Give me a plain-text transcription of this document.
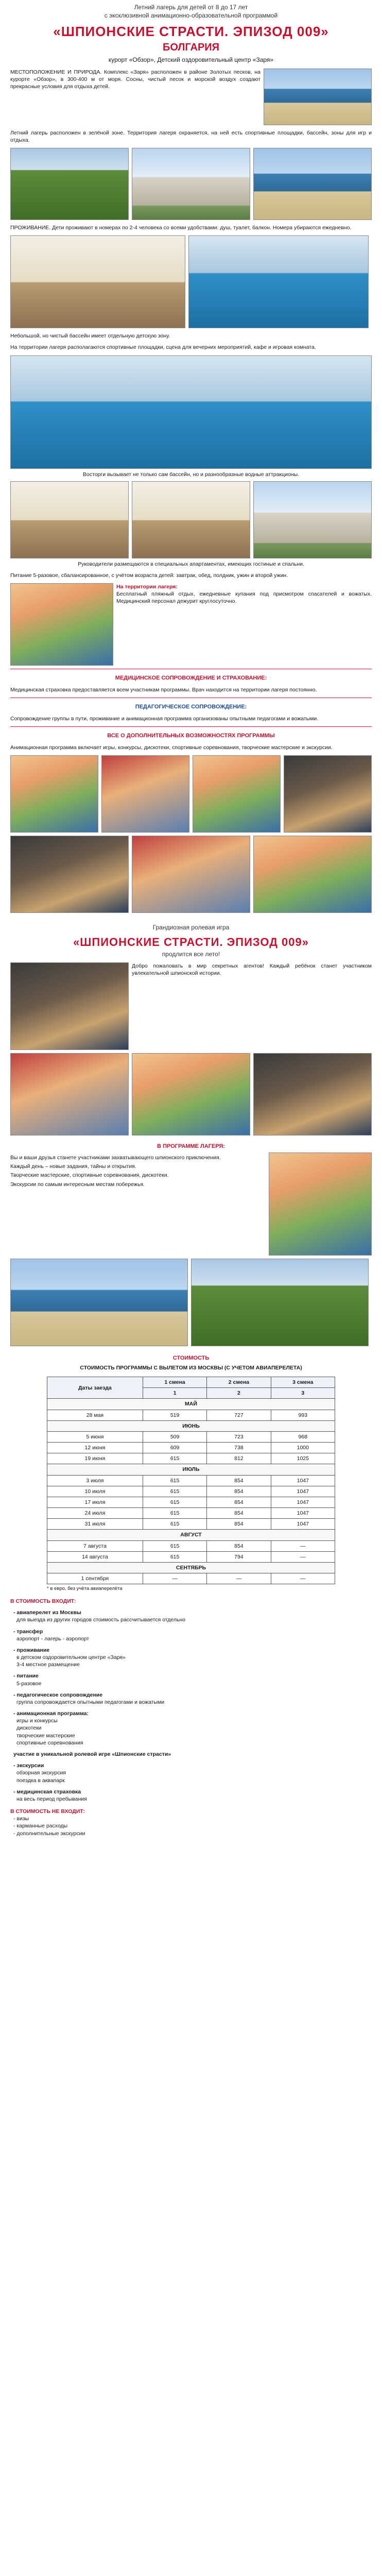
Летний лагерь для детей от 8 до 17 лет
с эксклюзивной анимационно-образовательной программой
«ШПИОНСКИЕ СТРАСТИ. ЭПИЗОД 009»
БОЛГАРИЯ
курорт «Обзор», Детский оздоровительный центр «Заря»
МЕСТОПОЛОЖЕНИЕ И ПРИРОДА. Комплекс «Заря» расположен в районе Золотых песков, на курорте «Обзор», в 300-400 м от моря. Сосны, чистый песок и морской воздух создают прекрасные условия для отдыха детей.
Летний лагерь расположен в зелёной зоне. Территория лагеря охраняется, на ней есть спортивные площадки, бассейн, зоны для игр и отдыха.
ПРОЖИВАНИЕ. Дети проживают в номерах по 2-4 человека со всеми удобствами: душ, туалет, балкон. Номера убираются ежедневно.
Небольшой, но чистый бассейн имеет отдельную детскую зону.
На территории лагеря располагаются спортивные площадки, сцена для вечерних мероприятий, кафе и игровая комната.
Восторги вызывает не только сам бассейн, но и разнообразные водные аттракционы.
Руководители размещаются в специальных апартаментах, имеющих гостиные и спальни.
Питание 5-разовое, сбалансированное, с учётом возраста детей: завтрак, обед, полдник, ужин и второй ужин.
На территории лагеря:
Бесплатный пляжный отдых, ежедневные купания под присмотром спасателей и вожатых. Медицинский персонал дежурит круглосуточно.
МЕДИЦИНСКОЕ СОПРОВОЖДЕНИЕ И СТРАХОВАНИЕ:
Медицинская страховка предоставляется всем участникам программы. Врач находится на территории лагеря постоянно.
ПЕДАГОГИЧЕСКОЕ СОПРОВОЖДЕНИЕ:
Сопровождение группы в пути, проживание и анимационная программа организованы опытными педагогами и вожатыми.
ВСЕ О ДОПОЛНИТЕЛЬНЫХ ВОЗМОЖНОСТЯХ ПРОГРАММЫ
Анимационная программа включает игры, конкурсы, дискотеки, спортивные соревнования, творческие мастерские и экскурсии.
Грандиозная ролевая игра
«ШПИОНСКИЕ СТРАСТИ. ЭПИЗОД 009»
продлится все лето!
Добро пожаловать в мир секретных агентов! Каждый ребёнок станет участником увлекательной шпионской истории.
В ПРОГРАММЕ ЛАГЕРЯ:
Вы и ваши друзья станете участниками захватывающего шпионского приключения.
Каждый день – новые задания, тайны и открытия.
Творческие мастерские, спортивные соревнования, дискотеки.
Экскурсии по самым интересным местам побережья.
СТОИМОСТЬ
СТОИМОСТЬ ПРОГРАММЫ С ВЫЛЕТОМ ИЗ МОСКВЫ (С УЧЕТОМ АВИАПЕРЕЛЕТА)
Даты заезда	1 смена	2 смена	3 смена
	1	2	3
МАЙ			
28 мая	519	727	993
ИЮНЬ			
5 июня	509	723	968
12 июня	609	738	1000
19 июня	615	812	1025
ИЮЛЬ			
3 июля	615	854	1047
10 июля	615	854	1047
17 июля	615	854	1047
24 июля	615	854	1047
31 июля	615	854	1047
АВГУСТ			
7 августа	615	854	—
14 августа	615	794	—
СЕНТЯБРЬ			
1 сентября	—	—	—
* в евро, без учёта авиаперелёта
В СТОИМОСТЬ ВХОДИТ:
- авиаперелет из Москвы
для выезда из других городов стоимость рассчитывается отдельно
- трансфер
аэропорт - лагерь - аэропорт
- проживание
в детском оздоровительном центре «Заря»
3-4 местное размещение
- питание
5-разовое
- педагогическое сопровождение
группа сопровождается опытными педагогами и вожатыми
- анимационная программа:
игры и конкурсы
дискотеки
творческие мастерские
спортивные соревнования
участие в уникальной ролевой игре «Шпионские страсти»
- экскурсии
обзорная экскурсия
поездка в аквапарк
- медицинская страховка
на весь период пребывания
В СТОИМОСТЬ НЕ ВХОДИТ:
- визы
- карманные расходы
- дополнительные экскурсии
